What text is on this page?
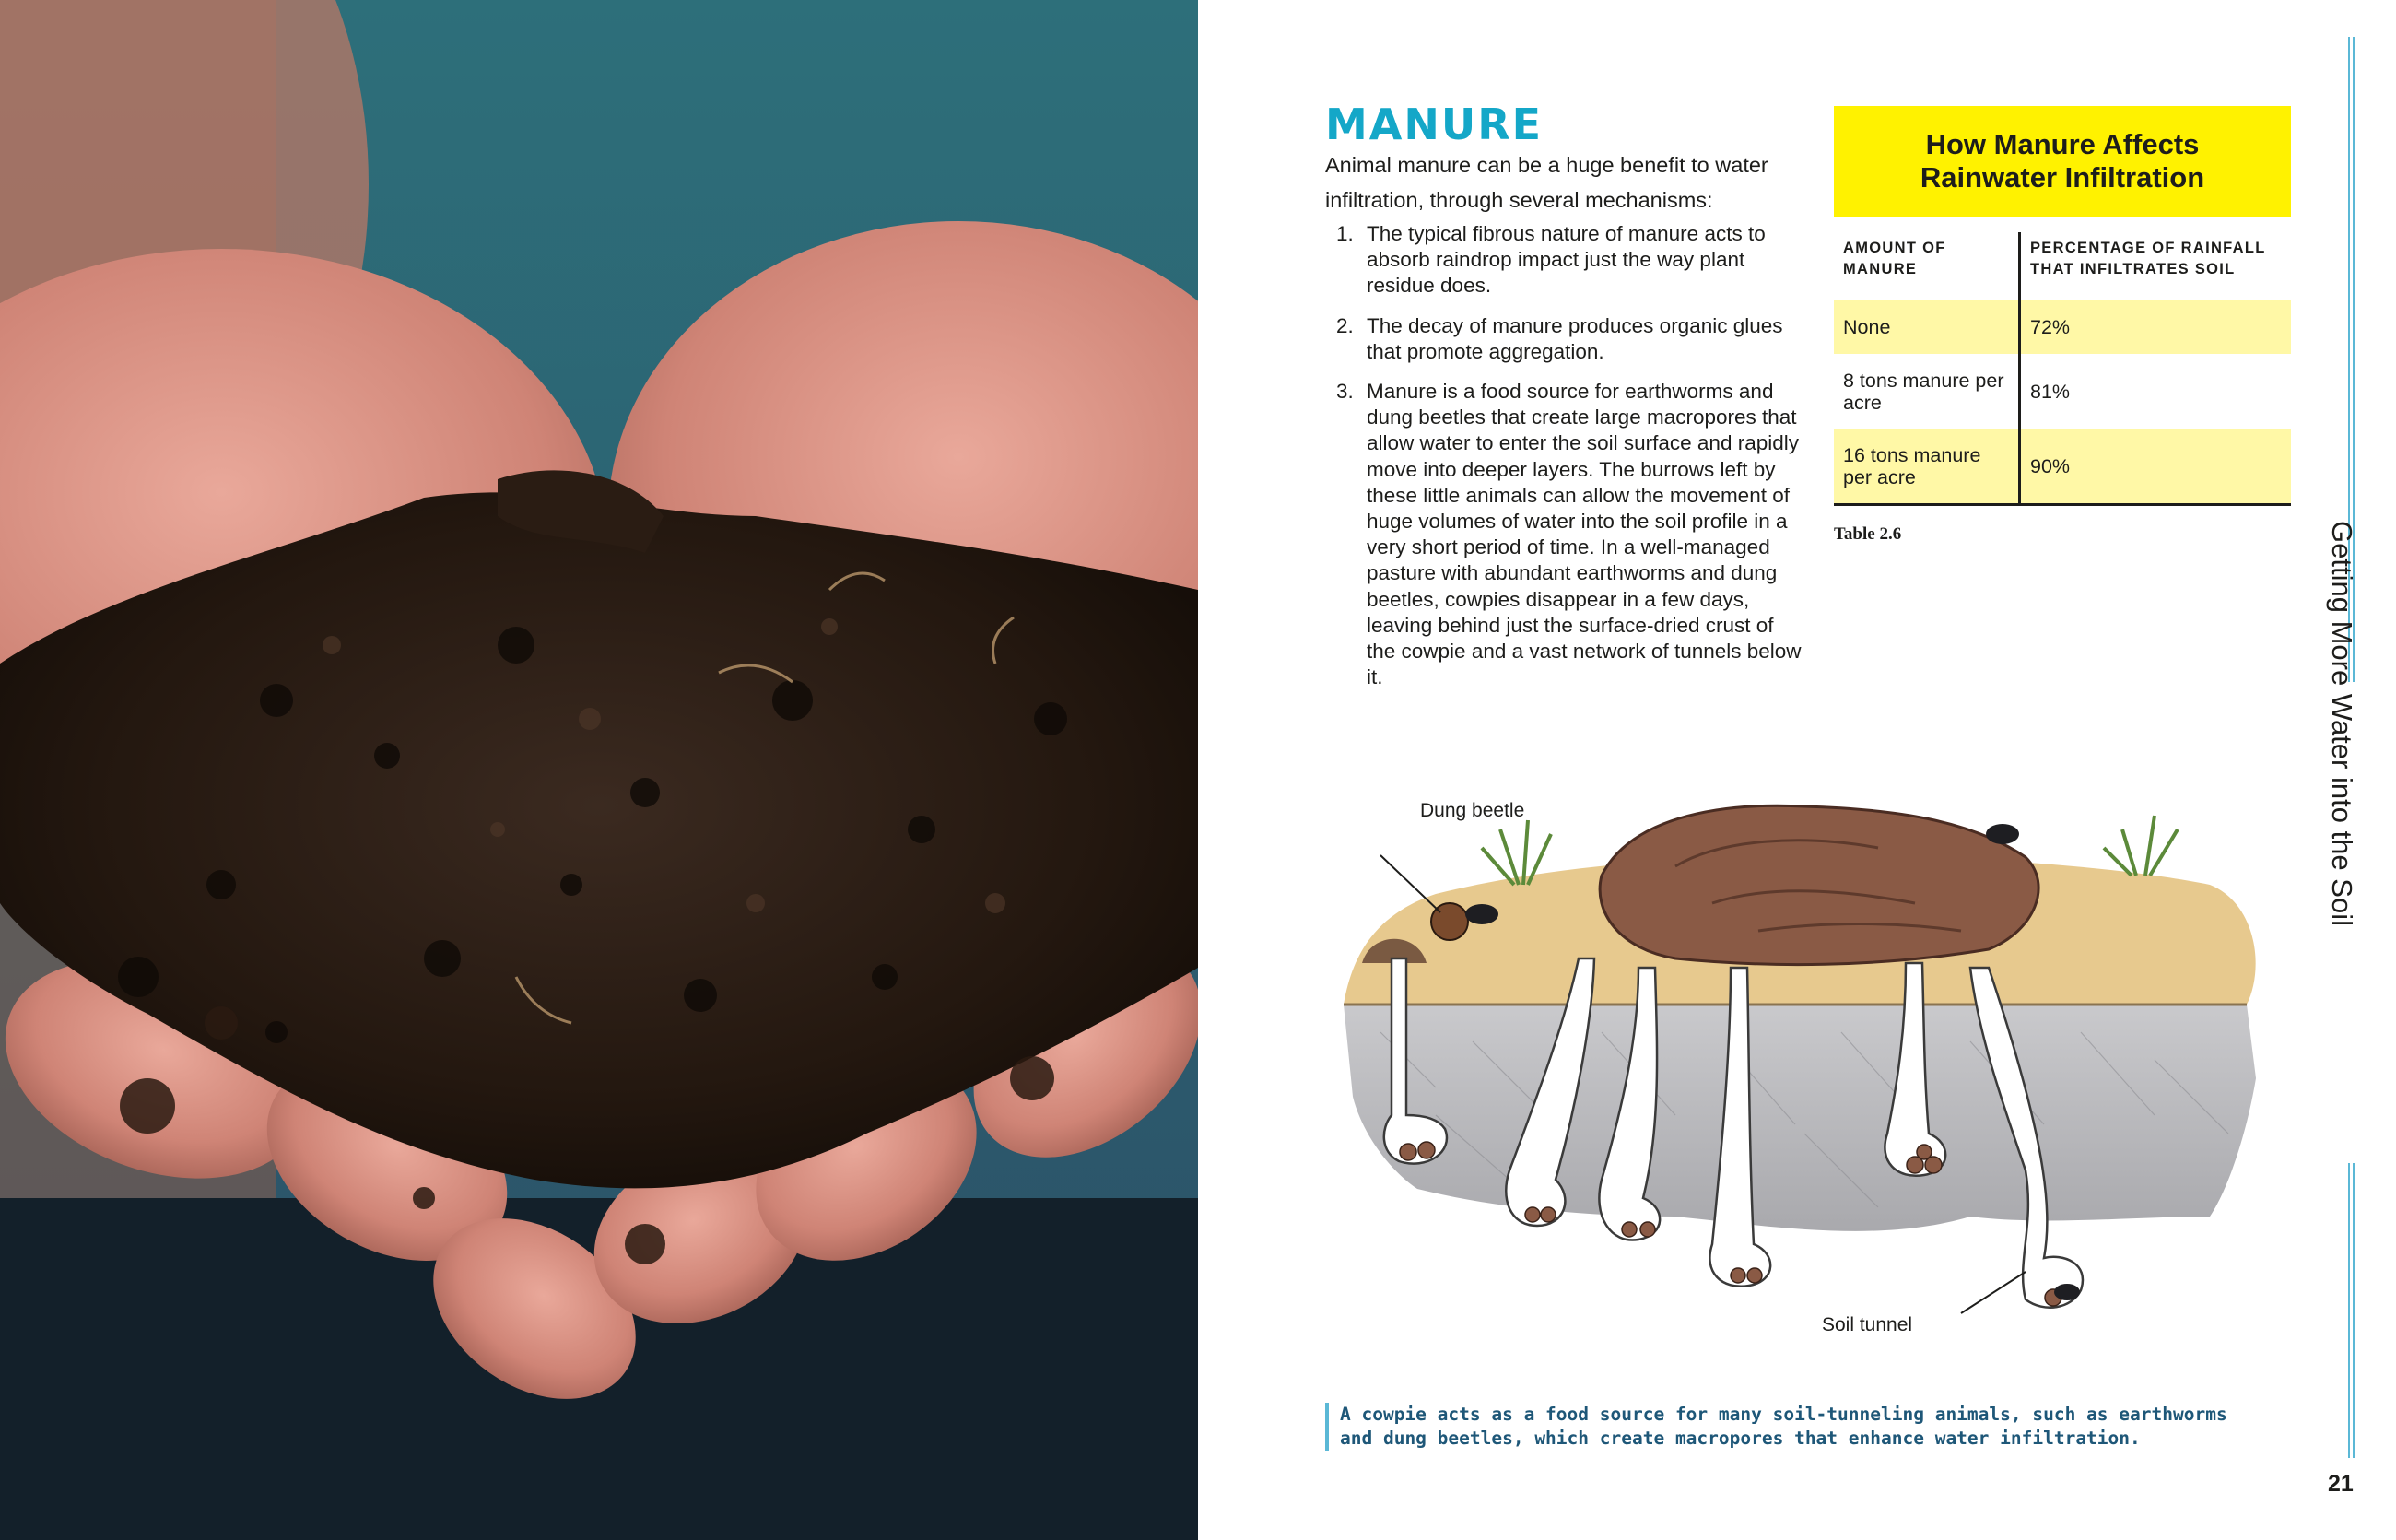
MANURE

Animal manure can be a huge benefit to water infiltration, through several mechanisms:

1. The typical fibrous nature of manure acts to absorb raindrop impact just the way plant residue does.
2. The decay of manure produces organic glues that promote aggregation.
3. Manure is a food source for earthworms and dung beetles that create large macropores that allow water to enter the soil surface and rapidly move into deeper layers. The burrows left by these little animals can allow the movement of huge volumes of water into the soil profile in a very short period of time. In a well-managed pasture with abundant earthworms and dung beetles, cowpies disappear in a few days, leaving behind just the surface-dried crust of the cowpie and a vast network of tunnels below it.
How Manure Affects
Rainwater Infiltration
AMOUNT OF MANURE	PERCENTAGE OF RAINFALL THAT INFILTRATES SOIL
None	72%
8 tons manure per acre	81%
16 tons manure per acre	90%
Table 2.6
Dung beetle
Soil tunnel

A cowpie acts as a food source for many soil-tunneling animals, such as earthworms and dung beetles, which create macropores that enhance water infiltration.

Getting More Water into the Soil
21
